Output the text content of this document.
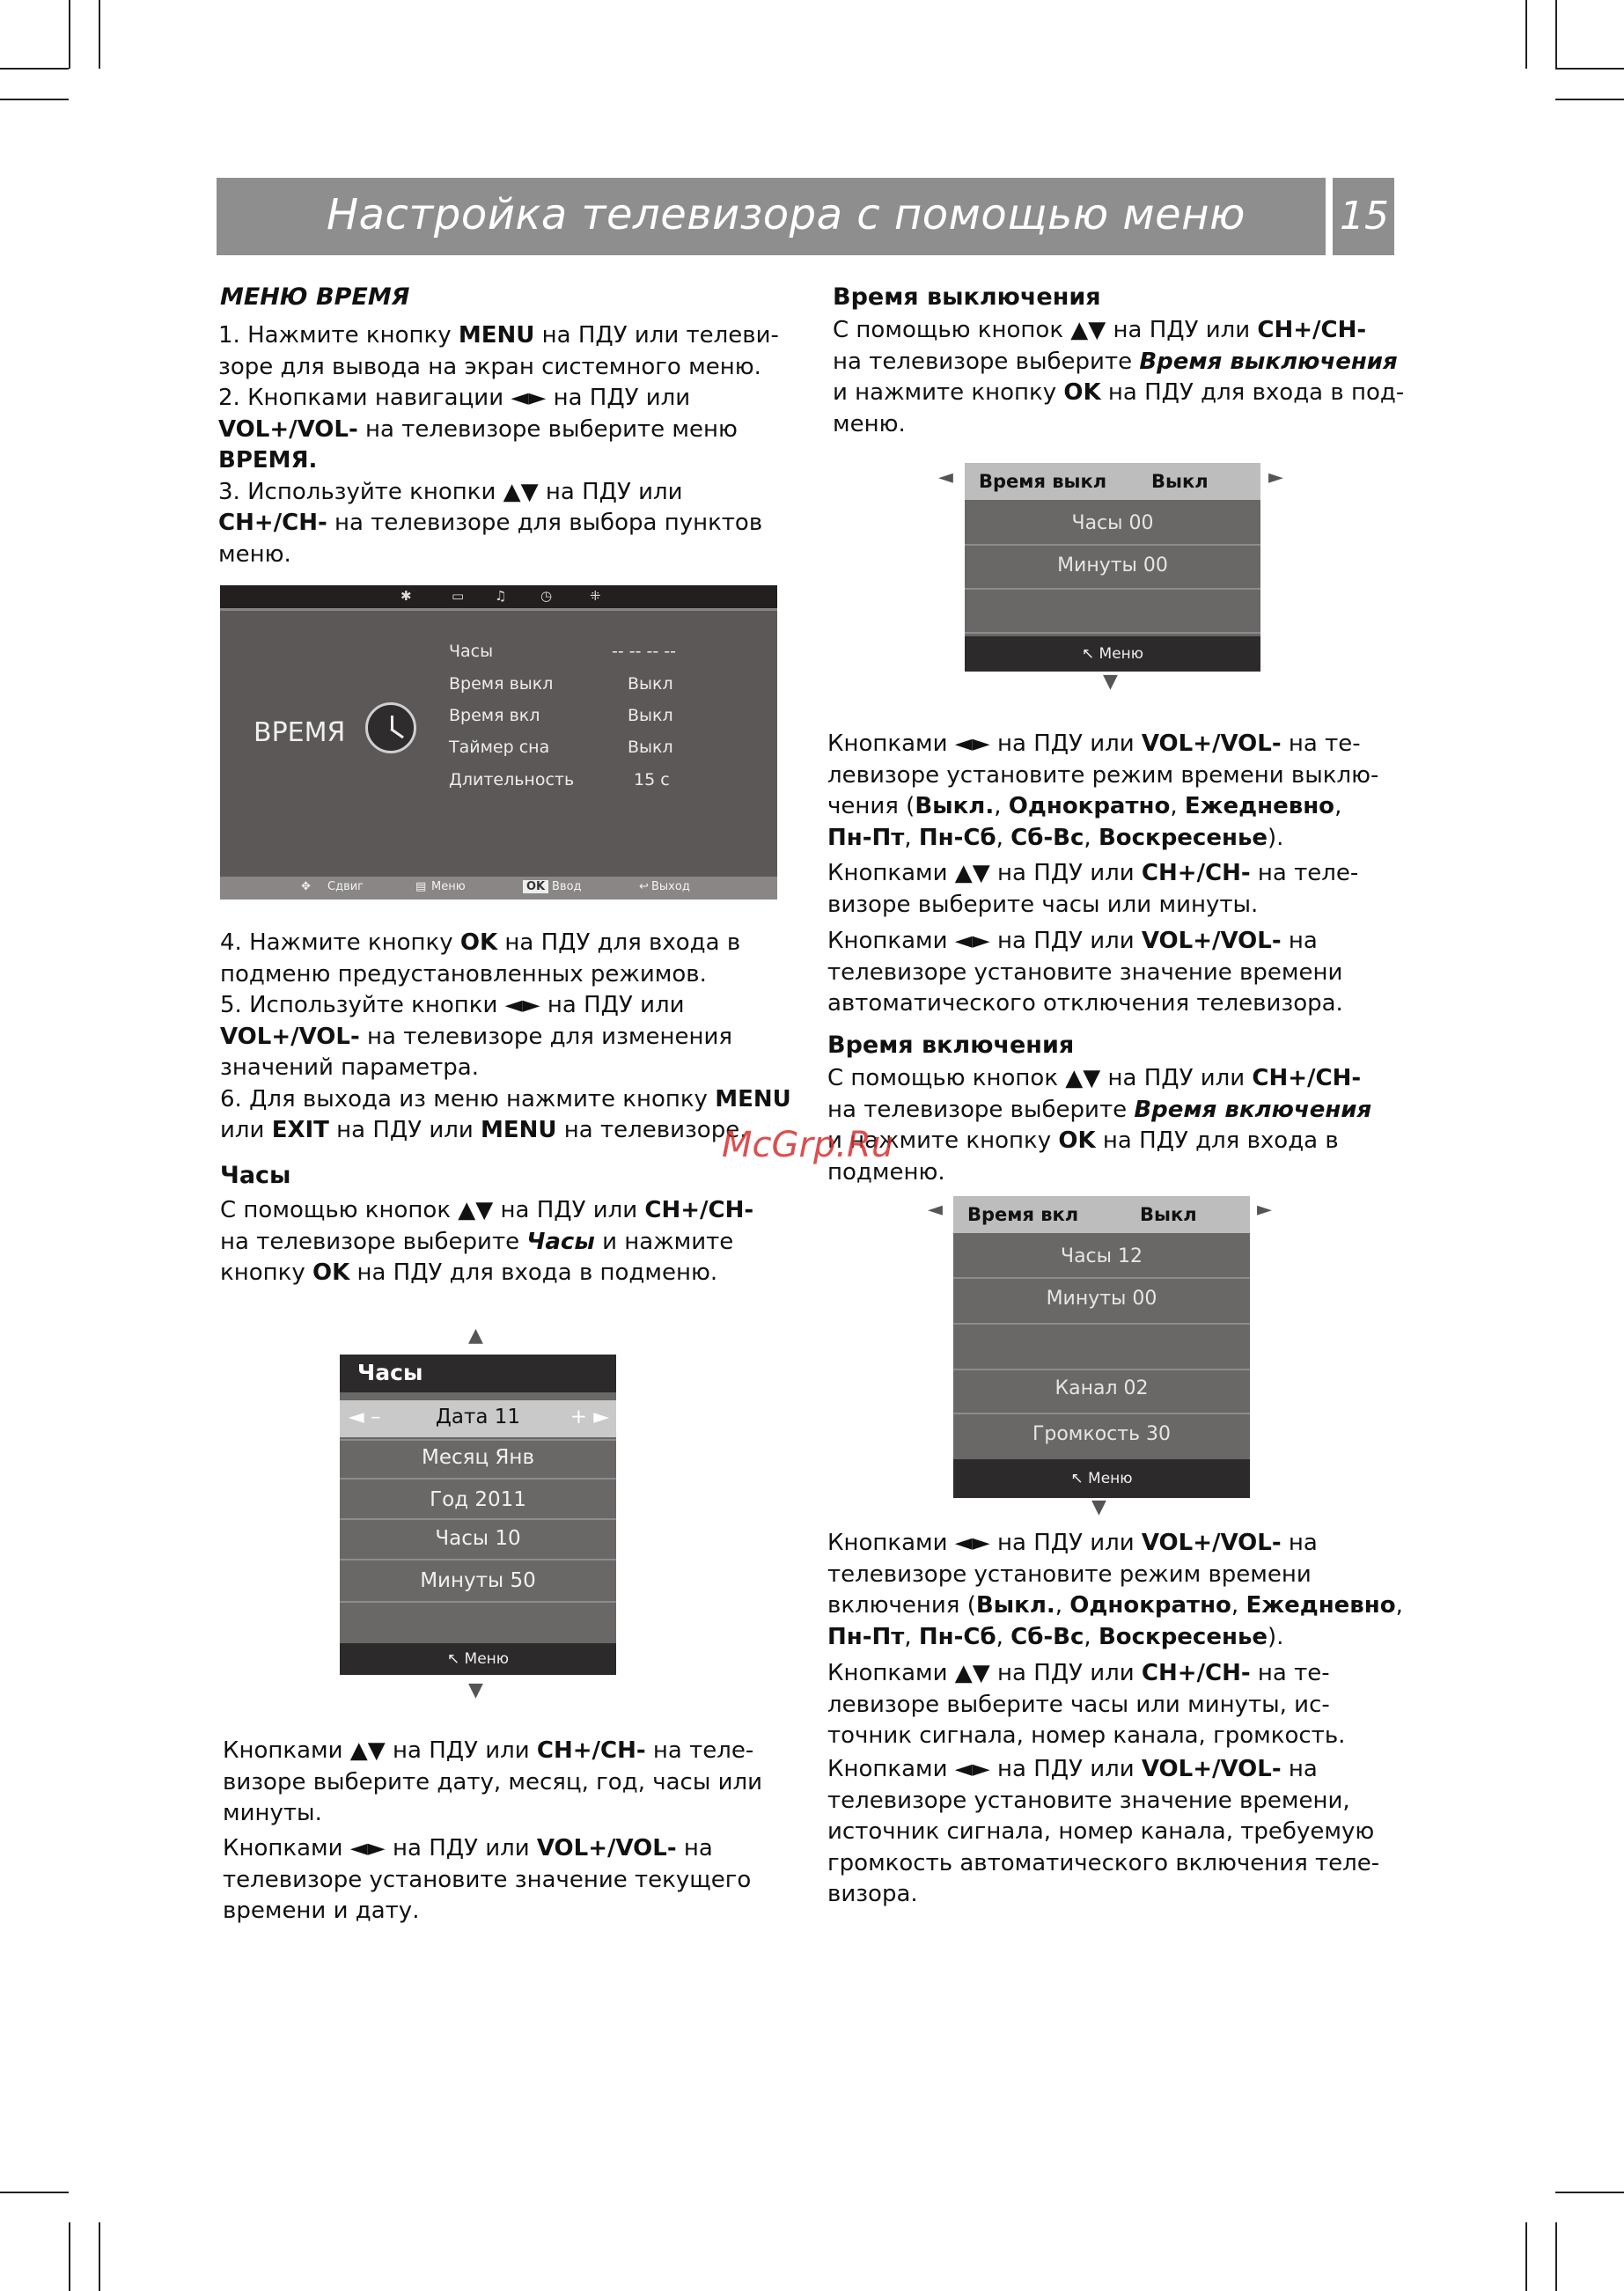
Настройка телевизора с помощью меню 15
МЕНЮ ВРЕМЯ
1. Нажмите кнопку MENU на ПДУ или телеви-
зоре для вывода на экран системного меню.
2. Кнопками навигации ◄► на ПДУ или
VOL+/VOL- на телевизоре выберите меню
ВРЕМЯ.
3. Используйте кнопки ▲▼ на ПДУ или
CH+/CH- на телевизоре для выбора пунктов
меню.
✱	▭ ♫	◷	⁜
ВРЕМЯ
Часы	-- -- -- --
Время выкл	Выкл
Время вкл	Выкл
Таймер сна	Выкл
Длительность	15 с
✥ Сдвиг	▤ Меню	OK Ввод	↩ Выход
4. Нажмите кнопку OK на ПДУ для входа в
подменю предустановленных режимов.
5. Используйте кнопки ◄► на ПДУ или
VOL+/VOL- на телевизоре для изменения
значений параметра.
6. Для выхода из меню нажмите кнопку MENU
или EXIT на ПДУ или MENU на телевизоре.
Часы
С помощью кнопок ▲▼ на ПДУ или CH+/CH-
на телевизоре выберите Часы и нажмите
кнопку OK на ПДУ для входа в подменю.
▲
Часы
◄ –	Дата 11	+ ►
Месяц Янв
Год 2011
Часы 10
Минуты 50
↖ Меню
▼
Кнопками ▲▼ на ПДУ или CH+/CH- на теле-
визоре выберите дату, месяц, год, часы или
минуты.
Кнопками ◄► на ПДУ или VOL+/VOL- на
телевизоре установите значение текущего
времени и дату.
Время выключения
С помощью кнопок ▲▼ на ПДУ или CH+/CH-
на телевизоре выберите Время выключения
и нажмите кнопку OK на ПДУ для входа в под-
меню.
◄ Время выкл Выкл
Часы 00
Минуты 00
↖ Меню
►
▼
Кнопками ◄► на ПДУ или VOL+/VOL- на те-
левизоре установите режим времени выклю-
чения (Выкл., Однократно, Ежедневно,
Пн-Пт, Пн-Сб, Сб-Вс, Воскресенье).
Кнопками ▲▼ на ПДУ или CH+/CH- на теле-
визоре выберите часы или минуты.
Кнопками ◄► на ПДУ или VOL+/VOL- на
телевизоре установите значение времени
автоматического отключения телевизора.
Время включения
С помощью кнопок ▲▼ на ПДУ или CH+/CH-
на телевизоре выберите Время включения
и нажмите кнопку OK на ПДУ для входа в
подменю.
◄ Время вкл	Выкл
Часы 12
Минуты 00
Канал 02
Громкость 30
↖ Меню
►
▼
Кнопками ◄► на ПДУ или VOL+/VOL- на
телевизоре установите режим времени
включения (Выкл., Однократно, Ежедневно,
Пн-Пт, Пн-Сб, Сб-Вс, Воскресенье).
Кнопками ▲▼ на ПДУ или CH+/CH- на те-
левизоре выберите часы или минуты, ис-
точник сигнала, номер канала, громкость.
Кнопками ◄► на ПДУ или VOL+/VOL- на
телевизоре установите значение времени,
источник сигнала, номер канала, требуемую
громкость автоматического включения теле-
визора.
McGrp.Ru
